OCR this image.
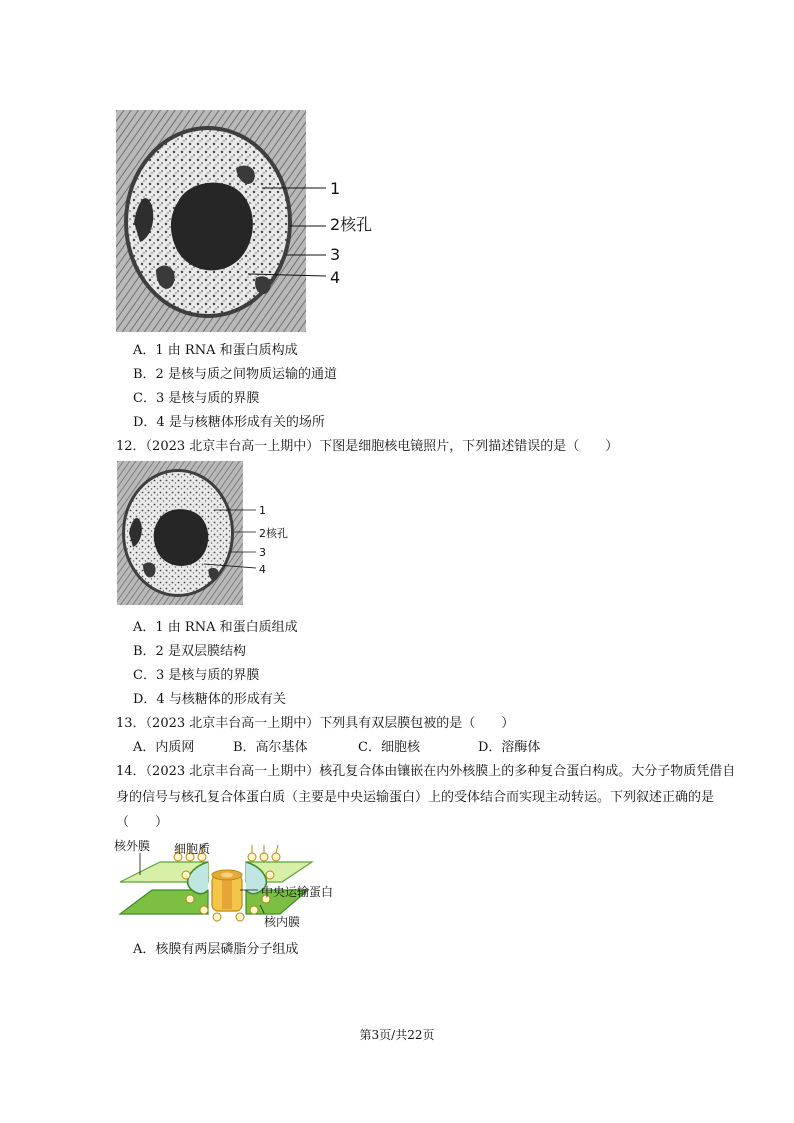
1
2核孔
3
4
A．1 由 RNA 和蛋白质构成
B．2 是核与质之间物质运输的通道
C．3 是核与质的界膜
D．4 是与核糖体形成有关的场所
12．（2023 北京丰台高一上期中）下图是细胞核电镜照片，下列描述错误的是（　　）
1
2核孔
3
4
A．1 由 RNA 和蛋白质组成
B．2 是双层膜结构
C．3 是核与质的界膜
D．4 与核糖体的形成有关
13．（2023 北京丰台高一上期中）下列具有双层膜包被的是（　　）
A．内质网	B．高尔基体	C．细胞核	D．溶酶体
14．（2023 北京丰台高一上期中）核孔复合体由镶嵌在内外核膜上的多种复合蛋白构成。大分子物质凭借自
身的信号与核孔复合体蛋白质（主要是中央运输蛋白）上的受体结合而实现主动转运。下列叙述正确的是
（　　）
核外膜 细胞质
中央运输蛋白
核内膜
A．核膜有两层磷脂分子组成
第3页/共22页
